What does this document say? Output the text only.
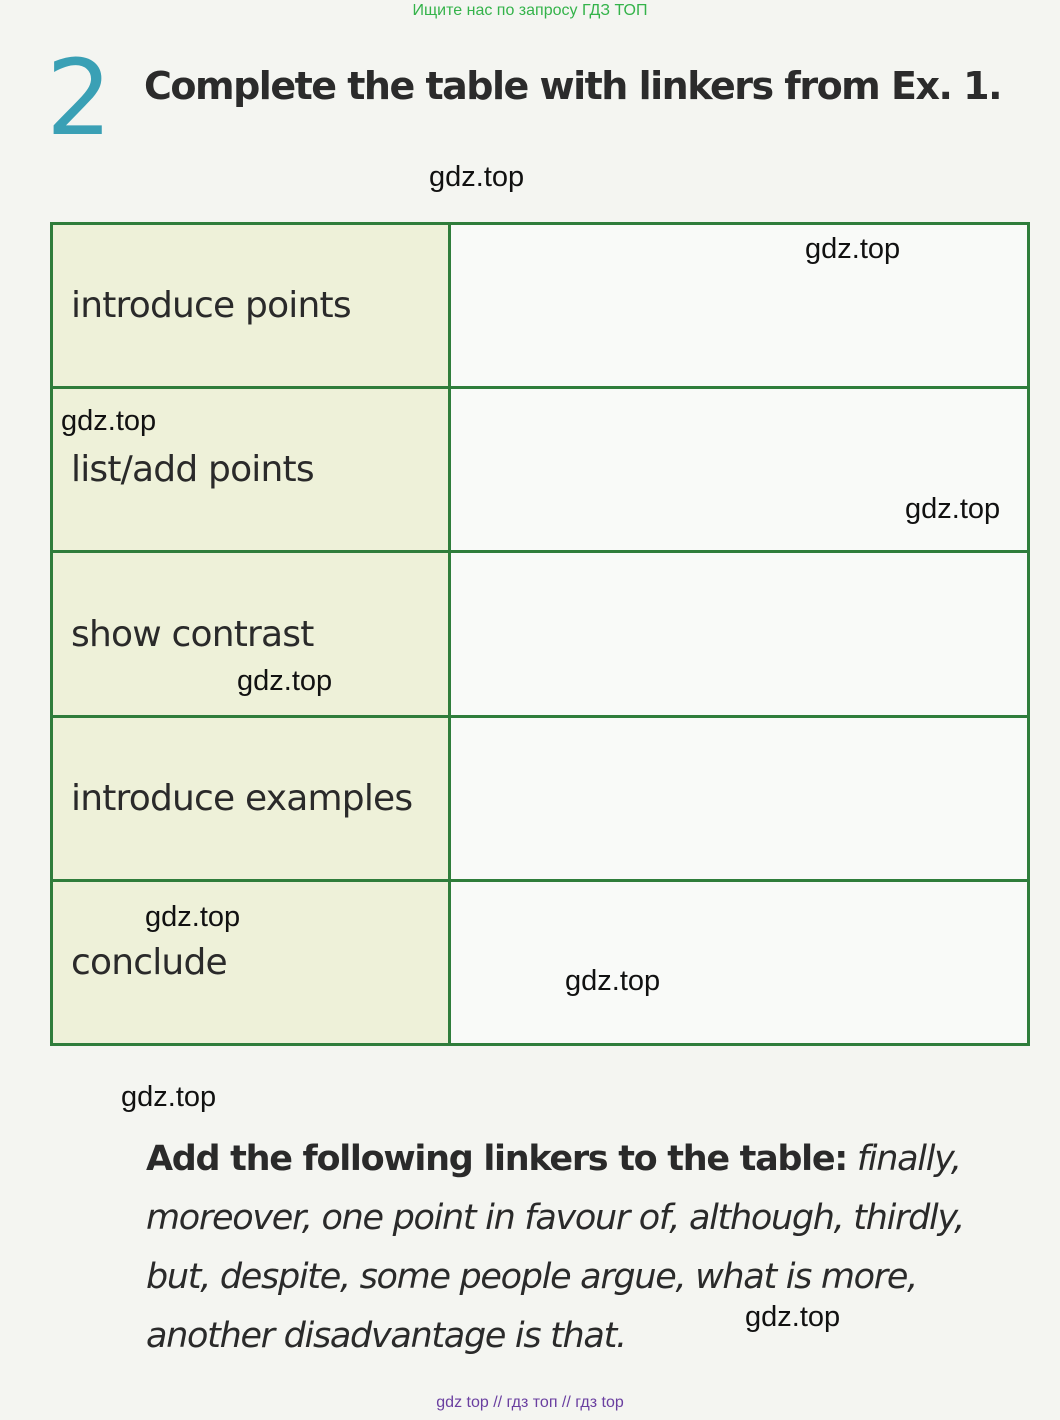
Ищите нас по запросу ГДЗ ТОП
2 Complete the table with linkers from Ex. 1.
gdz.top
introduce points
list/add points
show contrast
introduce examples
conclude
gdz.top
gdz.top
gdz.top
gdz.top
gdz.top
gdz.top
gdz.top
Add the following linkers to the table: finally, moreover, one point in favour of, although, thirdly, but, despite, some people argue, what is more, another disadvantage is that.	gdz.top
gdz top // гдз топ // гдз top
